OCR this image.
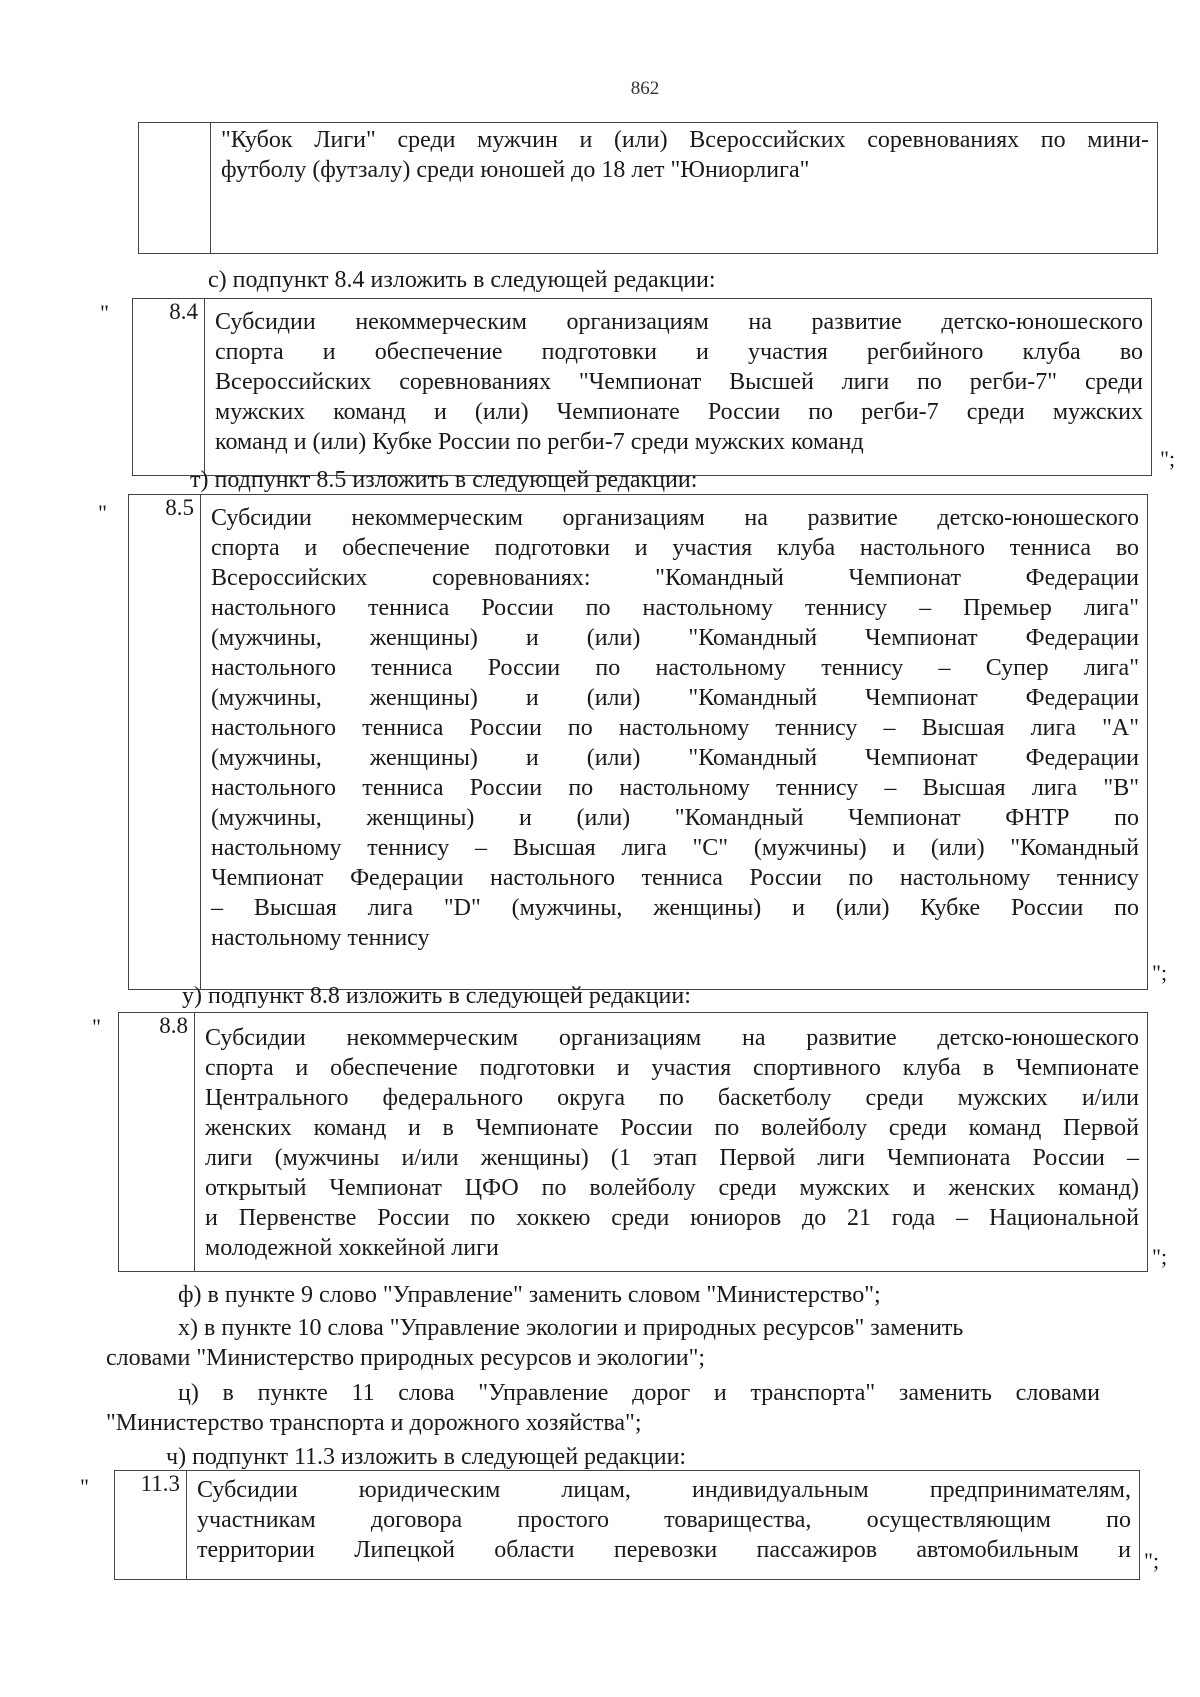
862
"Кубок Лиги" среди мужчин и (или) Всероссийских соревнованиях по мини-
футболу (футзалу) среди юношей до 18 лет "Юниорлига"
с) подпункт 8.4 изложить в следующей редакции:
"	8.4 Субсидии некоммерческим организациям на развитие детско-юношеского
спорта и обеспечение подготовки и участия регбийного клуба во
Всероссийских соревнованиях "Чемпионат Высшей лиги по регби-7" среди
мужских команд и (или) Чемпионате России по регби-7 среди мужских
команд и (или) Кубке России по регби-7 среди мужских команд
";
т) подпункт 8.5 изложить в следующей редакции:
"	8.5 Субсидии некоммерческим организациям на развитие детско-юношеского
спорта и обеспечение подготовки и участия клуба настольного тенниса во
Всероссийских соревнованиях: "Командный Чемпионат Федерации
настольного тенниса России по настольному теннису – Премьер лига"
(мужчины, женщины) и (или) "Командный Чемпионат Федерации
настольного тенниса России по настольному теннису – Супер лига"
(мужчины, женщины) и (или) "Командный Чемпионат Федерации
настольного тенниса России по настольному теннису – Высшая лига "А"
(мужчины, женщины) и (или) "Командный Чемпионат Федерации
настольного тенниса России по настольному теннису – Высшая лига "В"
(мужчины, женщины) и (или) "Командный Чемпионат ФНТР по
настольному теннису – Высшая лига "С" (мужчины) и (или) "Командный
Чемпионат Федерации настольного тенниса России по настольному теннису
– Высшая лига "D" (мужчины, женщины) и (или) Кубке России по
настольному теннису
";
у) подпункт 8.8 изложить в следующей редакции:
"	8.8 Субсидии некоммерческим организациям на развитие детско-юношеского
спорта и обеспечение подготовки и участия спортивного клуба в Чемпионате
Центрального федерального округа по баскетболу среди мужских и/или
женских команд и в Чемпионате России по волейболу среди команд Первой
лиги (мужчины и/или женщины) (1 этап Первой лиги Чемпионата России –
открытый Чемпионат ЦФО по волейболу среди мужских и женских команд)
и Первенстве России по хоккею среди юниоров до 21 года – Национальной
молодежной хоккейной лиги	";
ф) в пункте 9 слово "Управление" заменить словом "Министерство";
х) в пункте 10 слова "Управление экологии и природных ресурсов" заменить
словами "Министерство природных ресурсов и экологии";
ц) в пункте 11 слова "Управление дорог и транспорта" заменить словами
"Министерство транспорта и дорожного хозяйства";
ч) подпункт 11.3 изложить в следующей редакции:
"	11.3 Субсидии юридическим лицам, индивидуальным предпринимателям,
участникам договора простого товарищества, осуществляющим по
территории Липецкой области перевозки пассажиров автомобильным и ";
